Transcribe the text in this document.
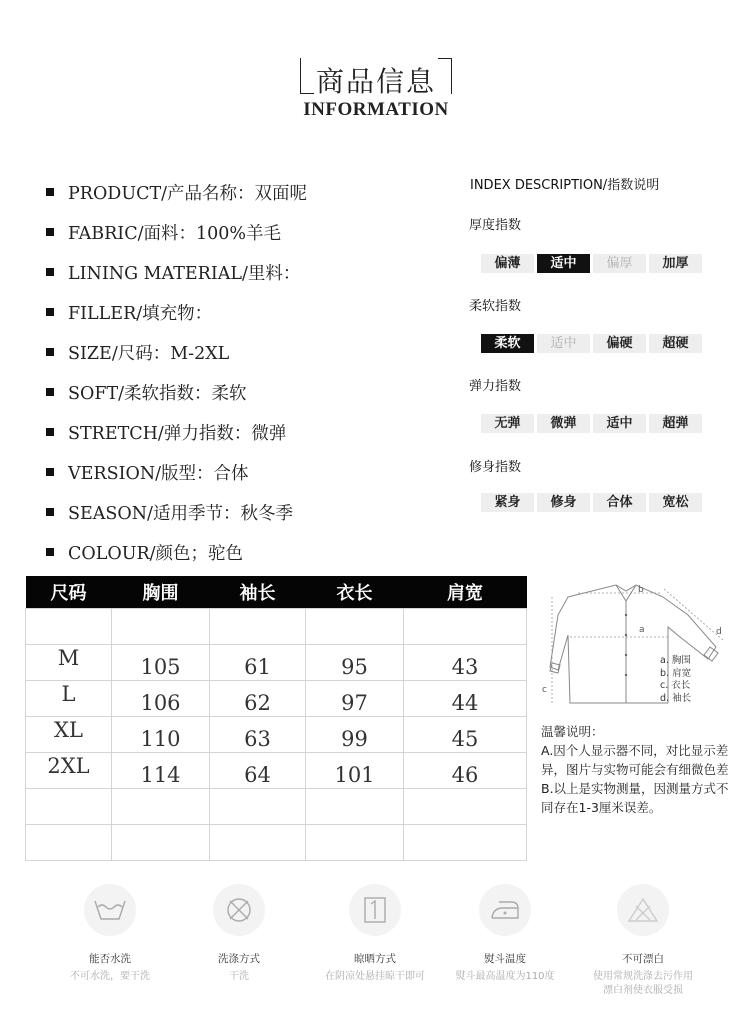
商品信息
INFORMATION
PRODUCT/产品名称：双面呢
FABRIC/面料：100%羊毛
LINING MATERIAL/里料：
FILLER/填充物：
SIZE/尺码：M-2XL
SOFT/柔软指数：柔软
STRETCH/弹力指数：微弹
VERSION/版型：合体
SEASON/适用季节：秋冬季
COLOUR/颜色；驼色
INDEX DESCRIPTION/指数说明
厚度指数
偏薄	适中	偏厚	加厚
柔软指数
柔软	适中	偏硬	超硬
弹力指数
无弹	微弹	适中	超弹
修身指数
紧身	修身	合体	宽松
尺码	胸围	袖长	衣长	肩宽

M	105	61	95	43
L	106	62	97	44
XL	110	63	99	45
2XL	114	64	101	46

a
b
c
d
a. 胸围
b. 肩宽
c. 衣长
d. 袖长
温馨说明：
A.因个人显示器不同，对比显示差异，图片与实物可能会有细微色差
B.以上是实物测量，因测量方式不同存在1-3厘米误差。
能否水洗
不可水洗，要干洗
洗涤方式
干洗
晾晒方式
在阴凉处悬挂晾干即可
熨斗温度
熨斗最高温度为110度
不可漂白
使用常规洗涤去污作用
漂白剂使衣服受损
